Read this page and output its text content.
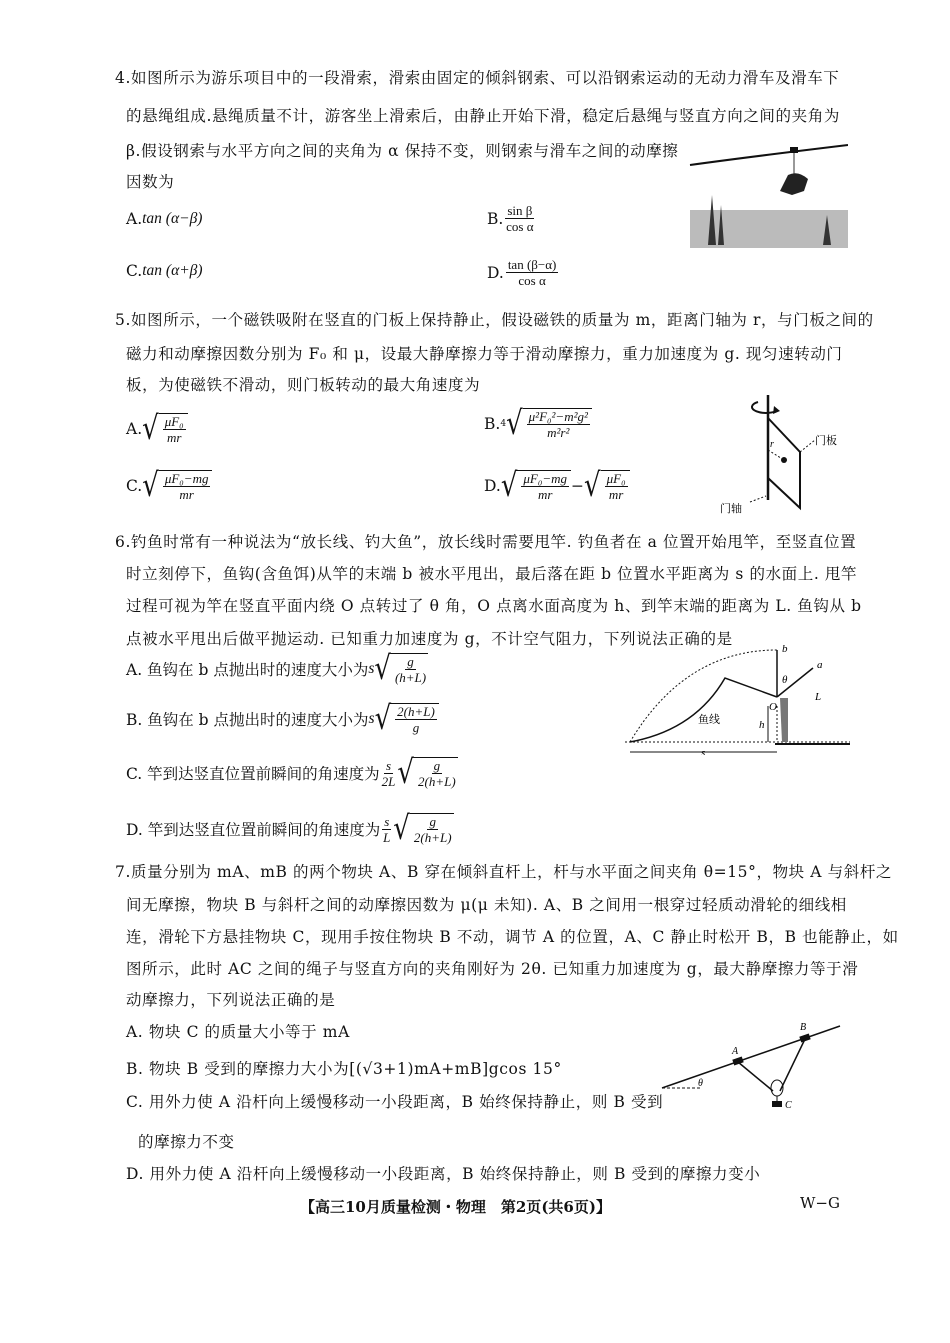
4.如图所示为游乐项目中的一段滑索，滑索由固定的倾斜钢索、可以沿钢索运动的无动力滑车及滑车下
的悬绳组成.悬绳质量不计，游客坐上滑索后，由静止开始下滑，稳定后悬绳与竖直方向之间的夹角为
β.假设钢索与水平方向之间的夹角为 α 保持不变，则钢索与滑车之间的动摩擦
因数为
A. tan (α−β)	B. $\frac{\text{sin β}}{\text{cos α}}$
C. tan (α+β)	D. $\frac{\tan (\beta-\alpha)}{\text{cos α}}$
5.如图所示，一个磁铁吸附在竖直的门板上保持静止，假设磁铁的质量为 m，距离门轴为 r，与门板之间的
磁力和动摩擦因数分别为 F₀ 和 μ，设最大静摩擦力等于滑动摩擦力，重力加速度为 g. 现匀速转动门
板，为使磁铁不滑动，则门板转动的最大角速度为
A. √ $\frac{\text{μF₀}}{mr}$	B. 4 √ $\frac{\text{μ²F₀²−m²g²}}{\text{m²r²}}$
C. √ $\frac{\text{μF₀−mg}}{mr}$	D. √ $\frac{\text{μF₀−mg}}{mr}$ − √ $\frac{\text{μF₀}}{mr}$
r	门板
门轴
6.钓鱼时常有一种说法为“放长线、钓大鱼”，放长线时需要甩竿. 钓鱼者在 a 位置开始甩竿，至竖直位置
时立刻停下，鱼钩(含鱼饵)从竿的末端 b 被水平甩出，最后落在距 b 位置水平距离为 s 的水面上. 甩竿
过程可视为竿在竖直平面内绕 O 点转过了 θ 角，O 点离水面高度为 h、到竿末端的距离为 L. 鱼钩从 b
点被水平甩出后做平抛运动. 已知重力加速度为 g，不计空气阻力，下列说法正确的是
A. 鱼钩在 b 点抛出时的速度大小为 s √ $\frac{g}{(h+L)}$
B. 鱼钩在 b 点抛出时的速度大小为 s √ $\frac{2(h+L)}{g}$
C. 竿到达竖直位置前瞬间的角速度为 $\frac{s}{2L}$ √ $\frac{g}{2(h+L)}$
D. 竿到达竖直位置前瞬间的角速度为 $\frac{s}{L}$ √ $\frac{g}{2(h+L)}$
b
a
θ
L
O
h
鱼线
s
7.质量分别为 mA、mB 的两个物块 A、B 穿在倾斜直杆上，杆与水平面之间夹角 θ=15°，物块 A 与斜杆之
间无摩擦，物块 B 与斜杆之间的动摩擦因数为 μ(μ 未知). A、B 之间用一根穿过轻质动滑轮的细线相
连，滑轮下方悬挂物块 C，现用手按住物块 B 不动，调节 A 的位置，A、C 静止时松开 B，B 也能静止，如
图所示，此时 AC 之间的绳子与竖直方向的夹角刚好为 2θ. 已知重力加速度为 g，最大静摩擦力等于滑
动摩擦力，下列说法正确的是
A. 物块 C 的质量大小等于 mA
B. 物块 B 受到的摩擦力大小为[(√3+1)mA+mB]gcos 15°
C. 用外力使 A 沿杆向上缓慢移动一小段距离，B 始终保持静止，则 B 受到
的摩擦力不变
D. 用外力使 A 沿杆向上缓慢移动一小段距离，B 始终保持静止，则 B 受到的摩擦力变小
A
B
C
θ
【高三10月质量检测・物理　第2页(共6页)】	W−G
